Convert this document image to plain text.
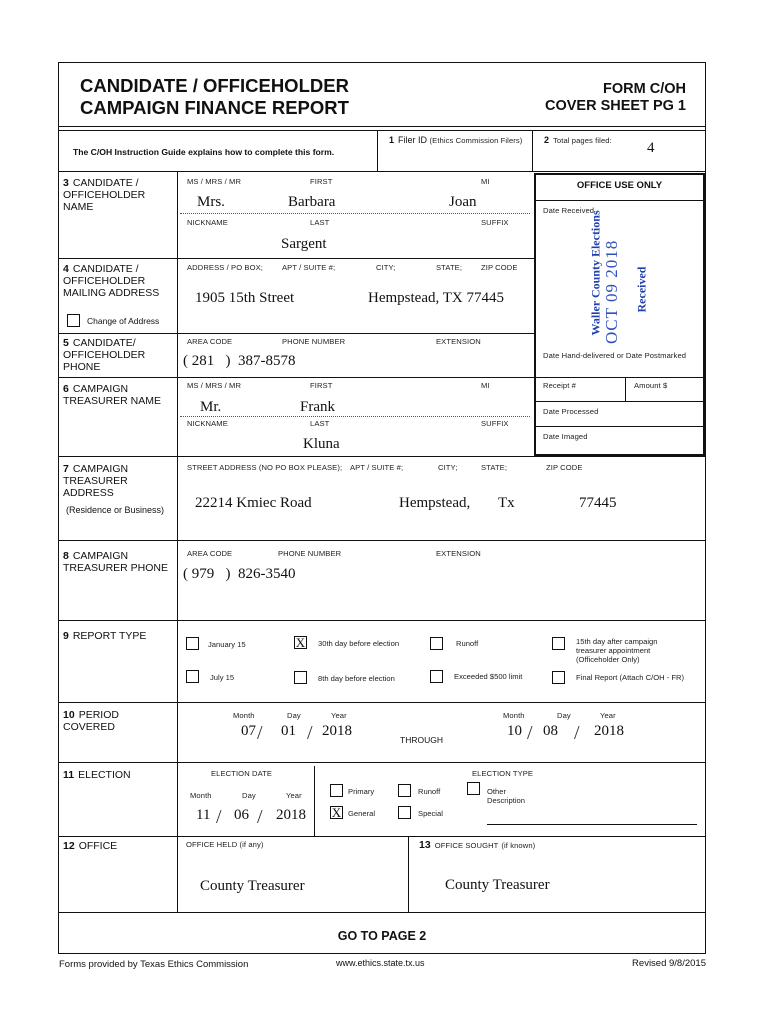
CANDIDATE / OFFICEHOLDER
CAMPAIGN FINANCE REPORT
FORM C/OH
COVER SHEET PG 1
The C/OH Instruction Guide explains how to complete this form.
1 Filer ID (Ethics Commission Filers) 2 Total pages filed: 4
OFFICE USE ONLY
Date Received
Waller County Elections OCT 09 2018 Received
Date Hand-delivered or Date Postmarked
Receipt #	Amount $
Date Processed
Date Imaged
3 CANDIDATE / OFFICEHOLDER NAME
MS / MRS / MR	FIRST	MI
Mrs.	Barbara	Joan
NICKNAME	LAST	SUFFIX
Sargent
4 CANDIDATE / OFFICEHOLDER MAILING ADDRESS
ADDRESS / PO BOX;	APT / SUITE #;	CITY;	STATE; ZIP CODE
1905 15th Street	Hempstead, TX 77445
Change of Address
5 CANDIDATE/ OFFICEHOLDER PHONE
AREA CODE	PHONE NUMBER	EXTENSION
( 281   )  387-8578
6 CAMPAIGN TREASURER NAME
MS / MRS / MR	FIRST	MI
Mr.	Frank
NICKNAME	LAST	SUFFIX
Kluna
7 CAMPAIGN TREASURER ADDRESS
(Residence or Business)
STREET ADDRESS (NO PO BOX PLEASE); APT / SUITE #;	CITY;	STATE;	ZIP CODE
22214 Kmiec Road	Hempstead, Tx	77445
8 CAMPAIGN TREASURER PHONE
AREA CODE	PHONE NUMBER	EXTENSION
( 979   )  826-3540
9 REPORT TYPE
January 15	X 30th day before election	Runoff	15th day after campaign treasurer appointment (Officeholder Only)
July 15	8th day before election	Exceeded $500 limit	Final Report (Attach C/OH - FR)
10 PERIOD COVERED
Month	Day	Year	Month	Day	Year
07 / 01 / 2018
THROUGH
10 / 08 / 2018
11 ELECTION	ELECTION DATE	ELECTION TYPE
Month	Day	Year
11 / 06 / 2018
Primary	Runoff	Other Description
X General	Special
12 OFFICE	OFFICE HELD (if any)	13 OFFICE SOUGHT (if known)
County Treasurer	County Treasurer
GO TO PAGE 2
Forms provided by Texas Ethics Commission	www.ethics.state.tx.us	Revised 9/8/2015
